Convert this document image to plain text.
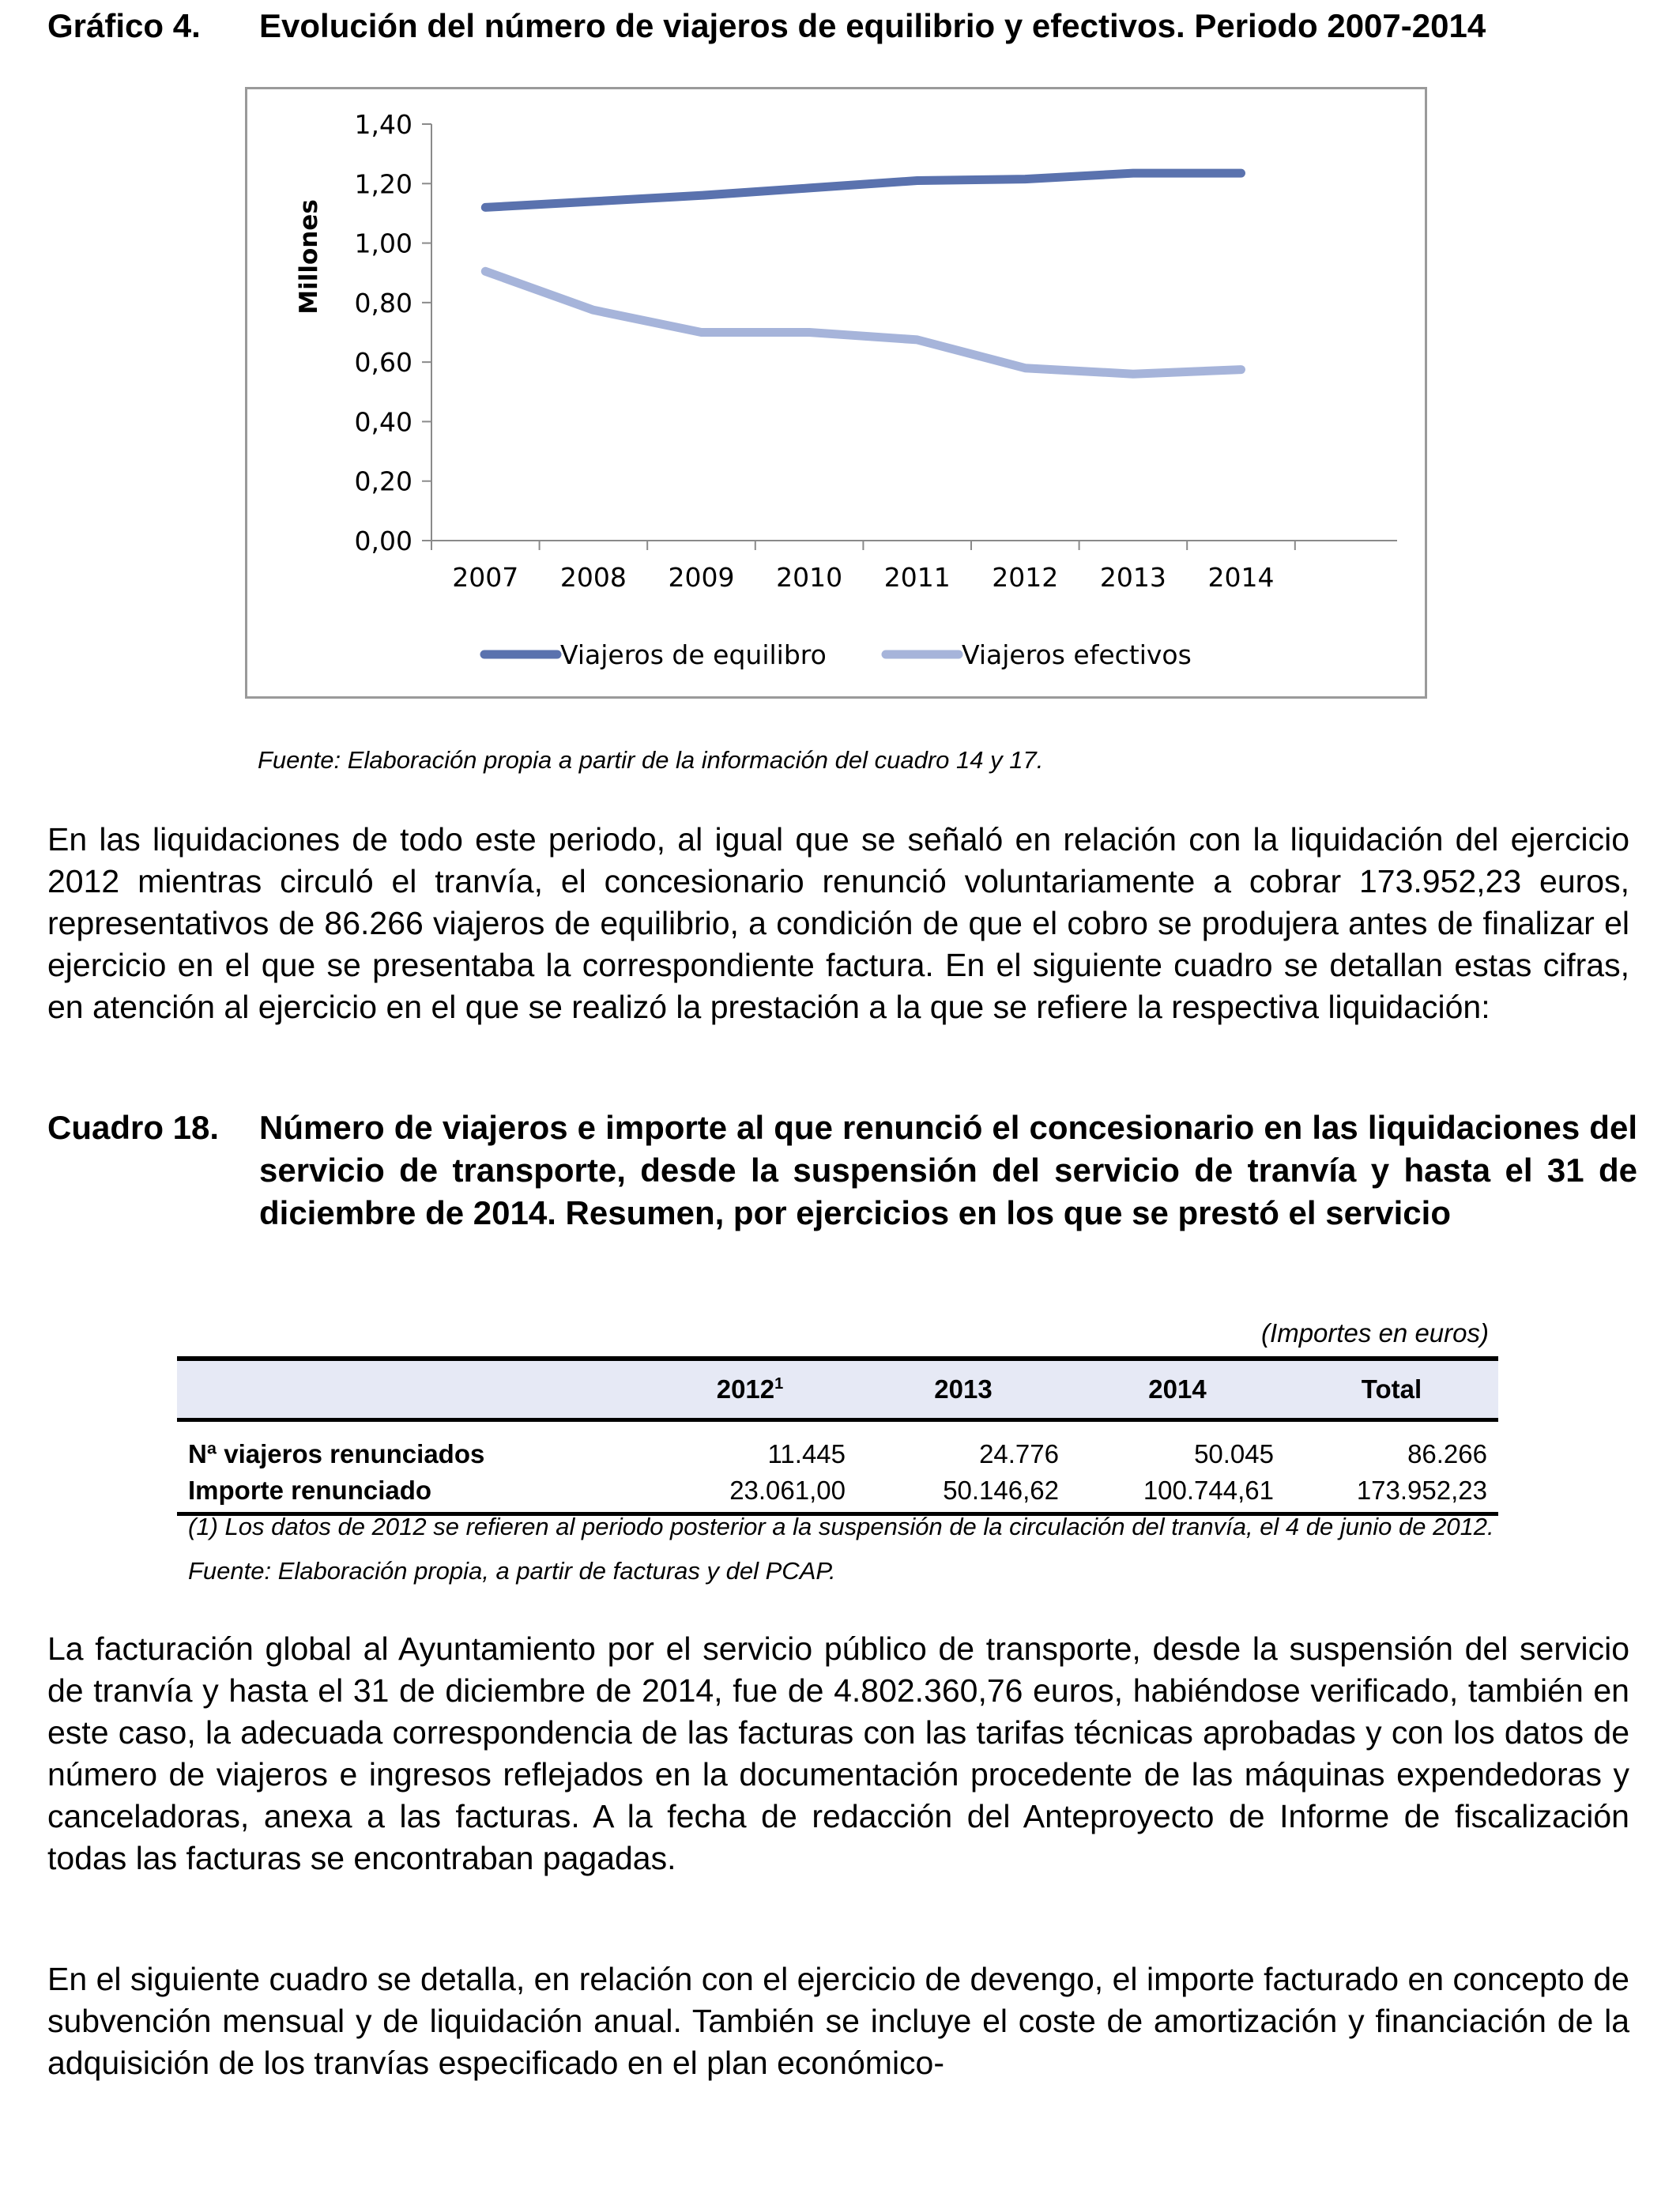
Gráfico 4. Evolución del número de viajeros de equilibrio y efectivos. Periodo 2007-2014
0,00
0,20
0,40
0,60
0,80
1,00
1,20
1,40
2007 2008 2009 2010 2011 2012 2013 2014
Viajeros de equilibro	Viajeros efectivos
Millones
Fuente: Elaboración propia a partir de la información del cuadro 14 y 17.

En las liquidaciones de todo este periodo, al igual que se señaló en relación con la liquidación del ejercicio 2012 mientras circuló el tranvía, el concesionario renunció voluntariamente a cobrar 173.952,23 euros, representativos de 86.266 viajeros de equilibrio, a condición de que el cobro se produjera antes de finalizar el ejercicio en el que se presentaba la correspondiente factura. En el siguiente cuadro se detallan estas cifras, en atención al ejercicio en el que se realizó la prestación a la que se refiere la respectiva liquidación:

Cuadro 18. Número de viajeros e importe al que renunció el concesionario en las liquidaciones del servicio de transporte, desde la suspensión del servicio de tranvía y hasta el 31 de diciembre de 2014. Resumen, por ejercicios en los que se prestó el servicio
(Importes en euros)
	2012$^1$	2013	2014	Total
Nª viajeros renunciados	11.445	24.776	50.045	86.266
Importe renunciado	23.061,00	50.146,62	100.744,61	173.952,23
(1) Los datos de 2012 se refieren al periodo posterior a la suspensión de la circulación del tranvía, el 4 de junio de 2012.
Fuente: Elaboración propia, a partir de facturas y del PCAP.

La facturación global al Ayuntamiento por el servicio público de transporte, desde la suspensión del servicio de tranvía y hasta el 31 de diciembre de 2014, fue de 4.802.360,76 euros, habiéndose verificado, también en este caso, la adecuada correspondencia de las facturas con las tarifas técnicas aprobadas y con los datos de número de viajeros e ingresos reflejados en la documentación procedente de las máquinas expendedoras y canceladoras, anexa a las facturas. A la fecha de redacción del Anteproyecto de Informe de fiscalización todas las facturas se encontraban pagadas.

En el siguiente cuadro se detalla, en relación con el ejercicio de devengo, el importe facturado en concepto de subvención mensual y de liquidación anual. También se incluye el coste de amortización y financiación de la adquisición de los tranvías especificado en el plan económico-
